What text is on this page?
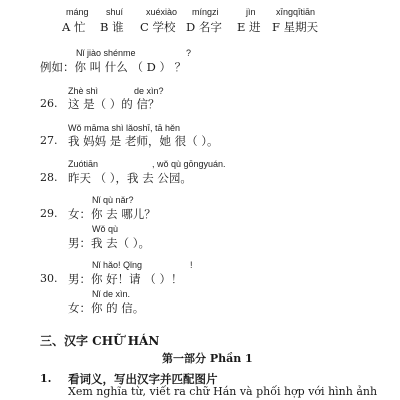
máng shuí	xuéxiào míngzi	jìn xīngqītiān
A 忙 B 谁 C 学校 D 名字 E 进 F 星期天
Nǐ jiào shénme	?
例如：你 叫 什么 （ D ） ？
Zhè shì	de xìn?
26. 这 是（ ）的 信？
Wǒ māma shì lǎoshī, tā hěn
27. 我 妈妈 是 老师，她 很（ ）。
Zuótiān	, wǒ qù gōngyuán.
28. 昨天 （ ），我 去 公园。
Nǐ qù nǎr?
29. 女：你 去 哪儿？
Wǒ qù
男：我 去（ ）。
Nǐ hǎo! Qǐng	!
30. 男：你 好！请 （ ）！
Nǐ de xìn.
女：你 的 信。
三、汉字 CHỮ HÁN
第一部分 Phần 1
1. 看词义，写出汉字并匹配图片
Xem nghĩa từ, viết ra chữ Hán và phối hợp với hình ảnh
